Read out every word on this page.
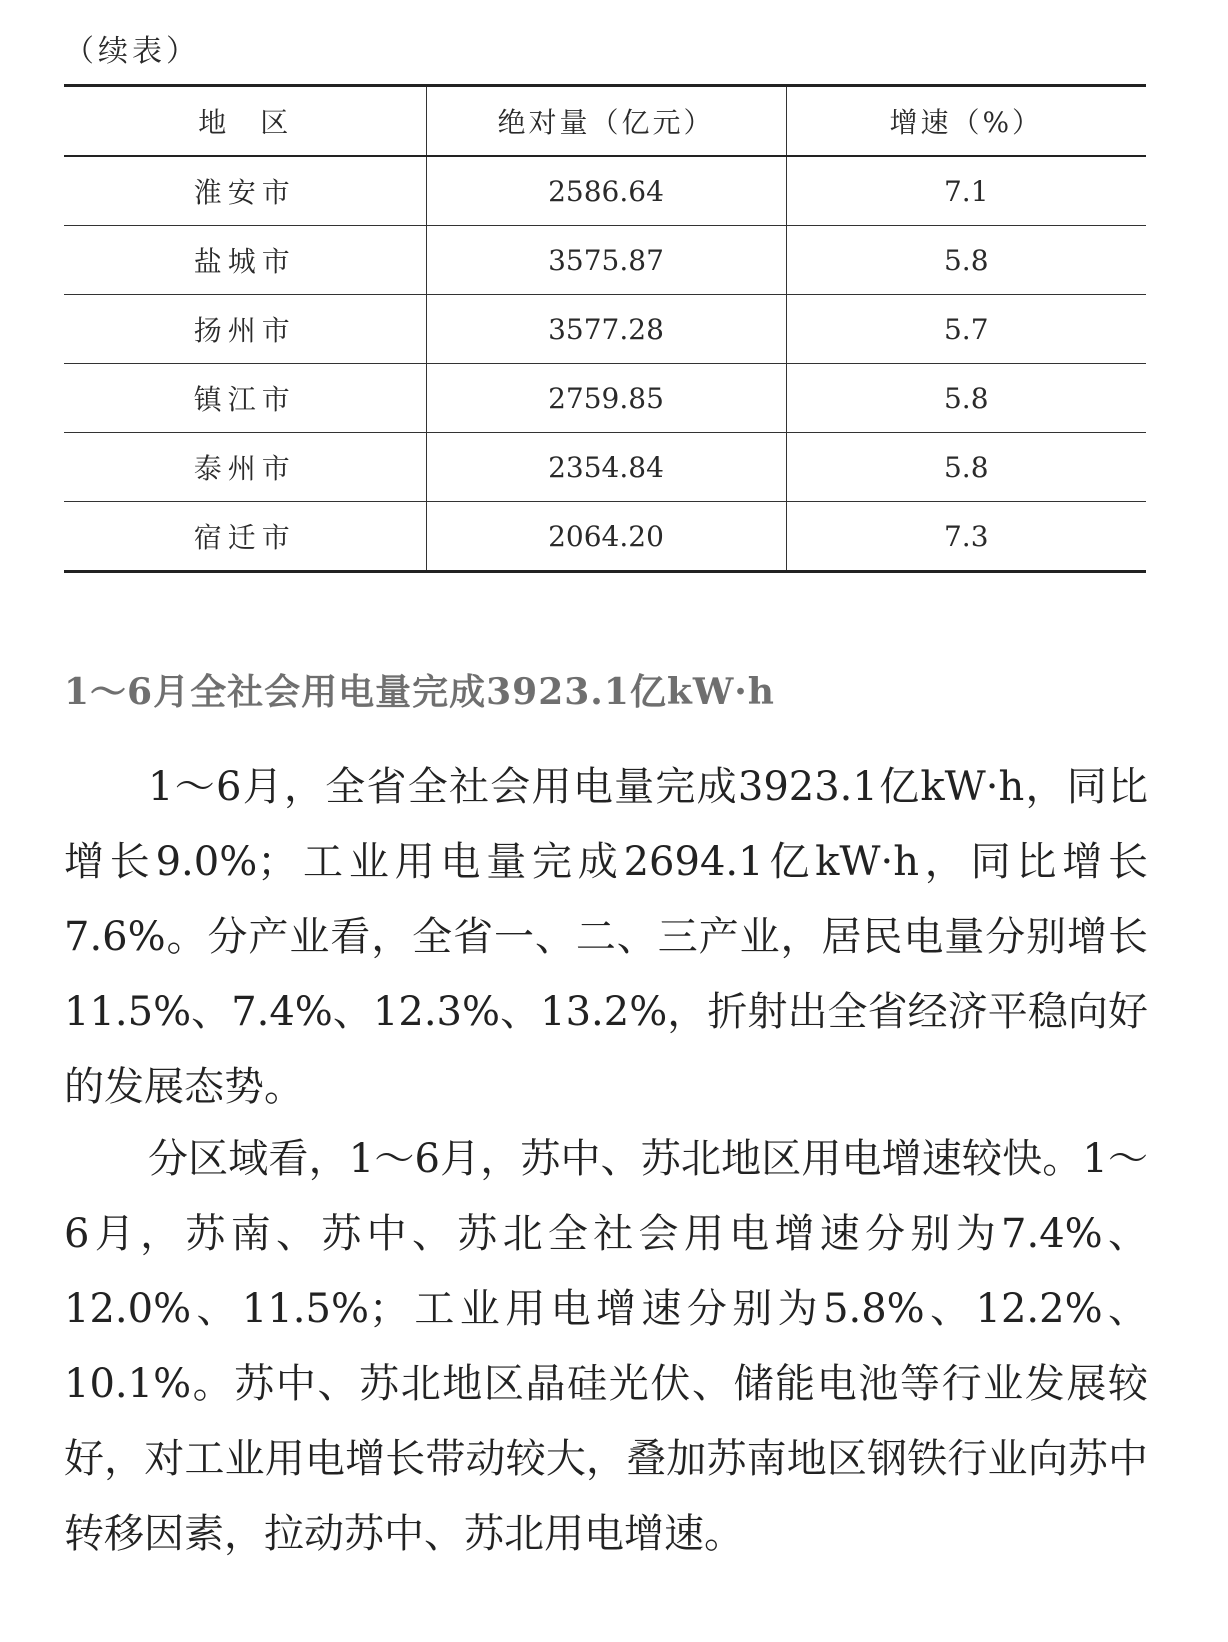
（续表）
地　区	绝对量（亿元）	增速（%）
淮安市	2586.64	7.1
盐城市	3575.87	5.8
扬州市	3577.28	5.7
镇江市	2759.85	5.8
泰州市	2354.84	5.8
宿迁市	2064.20	7.3
1～6月全社会用电量完成3923.1亿kW·h

1～6月，全省全社会用电量完成3923.1亿kW·h，同比增长9.0%；工业用电量完成2694.1亿kW·h，同比增长7.6%。分产业看，全省一、二、三产业，居民电量分别增长 11.5%、7.4%、12.3%、13.2%，折射出全省经济平稳向好的发展态势。

分区域看，1～6月，苏中、苏北地区用电增速较快。1～6月，苏南、苏中、苏北全社会用电增速分别为7.4%、12.0%、11.5%；工业用电增速分别为5.8%、12.2%、10.1%。苏中、苏北地区晶硅光伏、储能电池等行业发展较好，对工业用电增长带动较大，叠加苏南地区钢铁行业向苏中转移因素，拉动苏中、苏北用电增速。
